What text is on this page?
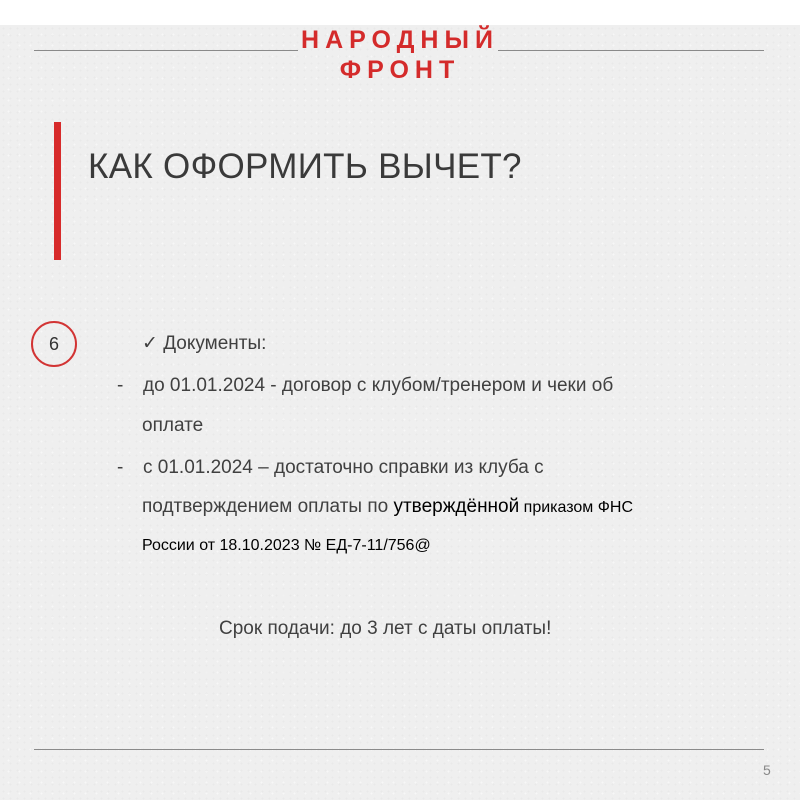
НАРОДНЫЙ
ФРОНТ
КАК ОФОРМИТЬ ВЫЧЕТ?
6	✓ Документы:
- до 01.01.2024 - договор с клубом/тренером и чеки об
оплате
- с 01.01.2024 – достаточно справки из клуба с
подтверждением оплаты по утверждённой приказом ФНС
России от 18.10.2023 № ЕД-7-11/756@
Срок подачи: до 3 лет с даты оплаты!
5
